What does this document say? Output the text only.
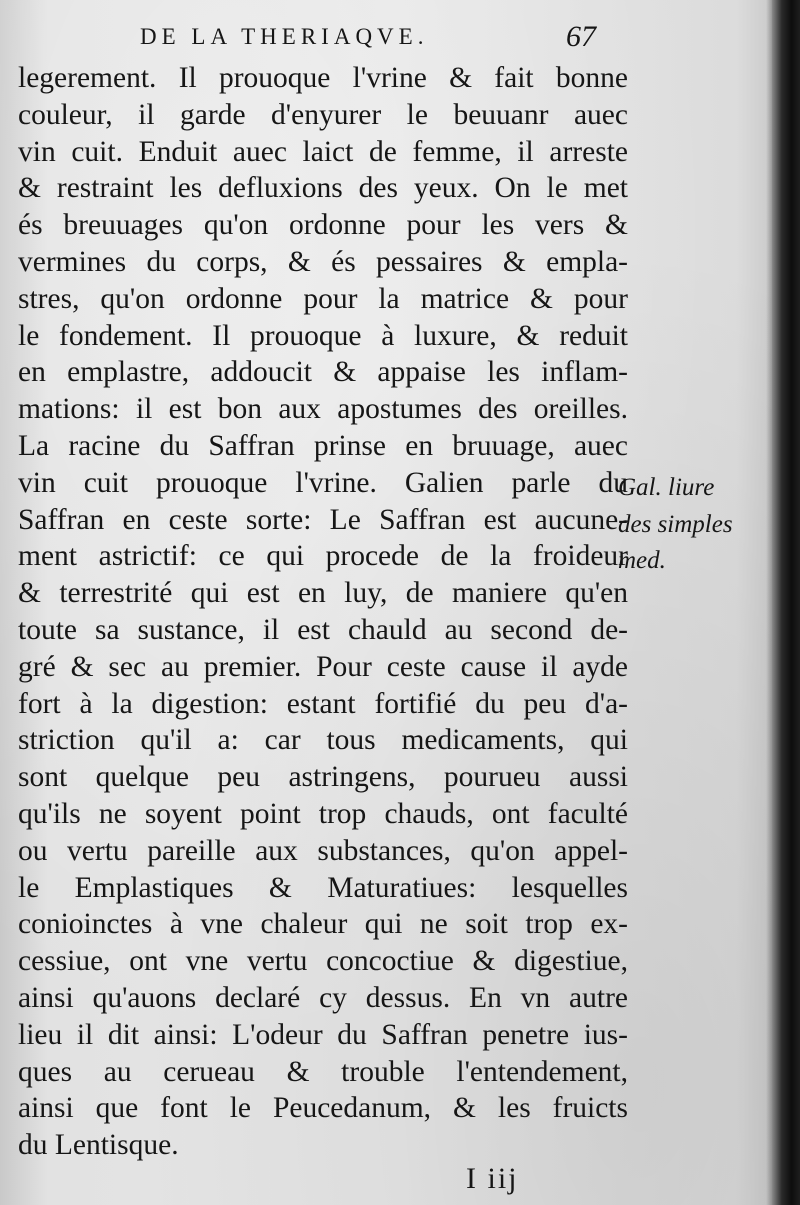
DE LA THERIAQVE.	67
legerement. Il prouoque l'vrine & fait bonne
couleur, il garde d'enyurer le beuuanr auec
vin cuit. Enduit auec laict de femme, il arreste
& restraint les defluxions des yeux. On le met
és breuuages qu'on ordonne pour les vers &
vermines du corps, & és pessaires & empla-
stres, qu'on ordonne pour la matrice & pour
le fondement. Il prouoque à luxure, & reduit
en emplastre, addoucit & appaise les inflam-
mations: il est bon aux apostumes des oreilles.
La racine du Saffran prinse en bruuage, auec
vin cuit prouoque l'vrine. Galien parle du
Saffran en ceste sorte: Le Saffran est aucune-
ment astrictif: ce qui procede de la froideur
& terrestrité qui est en luy, de maniere qu'en
toute sa sustance, il est chauld au second de-
gré & sec au premier. Pour ceste cause il ayde
fort à la digestion: estant fortifié du peu d'a-
striction qu'il a: car tous medicaments, qui
sont quelque peu astringens, pourueu aussi
qu'ils ne soyent point trop chauds, ont faculté
ou vertu pareille aux substances, qu'on appel-
le Emplastiques & Maturatiues: lesquelles
conioinctes à vne chaleur qui ne soit trop ex-
cessiue, ont vne vertu concoctiue & digestiue,
ainsi qu'auons declaré cy dessus. En vn autre
lieu il dit ainsi: L'odeur du Saffran penetre ius-
ques au cerueau & trouble l'entendement,
ainsi que font le Peucedanum, & les fruicts
du Lentisque.
Gal. liure
des simples
med.
I iij
